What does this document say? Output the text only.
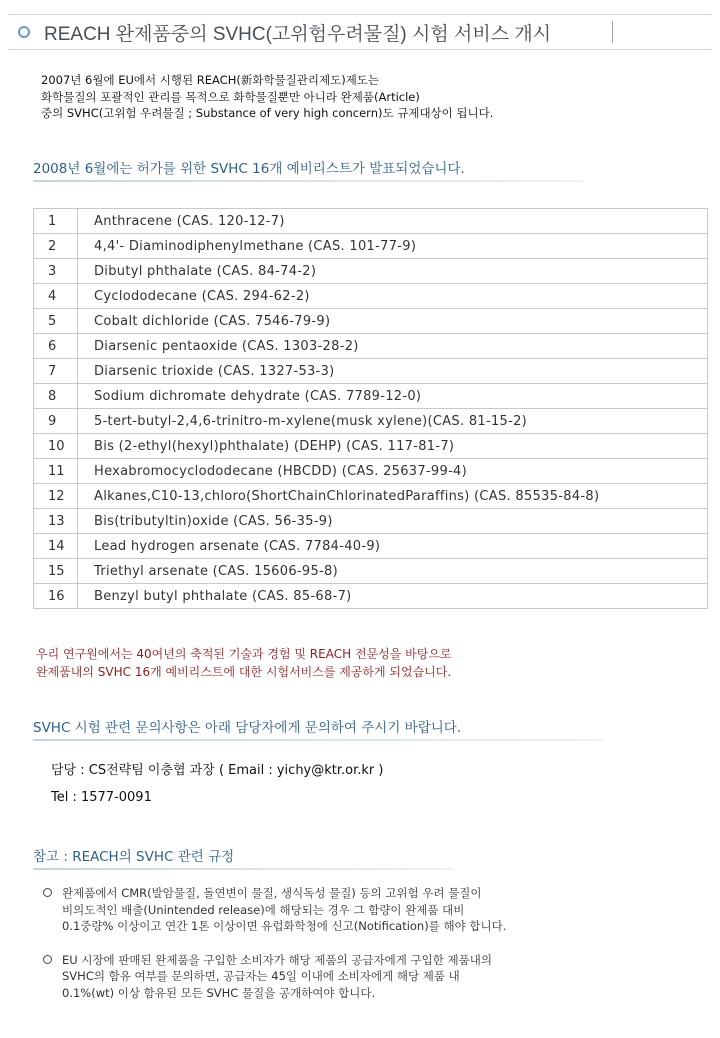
REACH 완제품중의 SVHC(고위험우려물질) 시험 서비스 개시

2007년 6월에 EU에서 시행된 REACH(新화학물질관리제도)제도는

화학물질의 포괄적인 관리를 목적으로 화학물질뿐만 아니라 완제품(Article)

중의 SVHC(고위험 우려물질 ; Substance of very high concern)도 규제대상이 됩니다.

2008년 6월에는 허가를 위한 SVHC 16개 예비리스트가 발표되었습니다.
1	Anthracene (CAS. 120-12-7)
2	4,4'- Diaminodiphenylmethane (CAS. 101-77-9)
3	Dibutyl phthalate (CAS. 84-74-2)
4	Cyclododecane (CAS. 294-62-2)
5	Cobalt dichloride (CAS. 7546-79-9)
6	Diarsenic pentaoxide (CAS. 1303-28-2)
7	Diarsenic trioxide (CAS. 1327-53-3)
8	Sodium dichromate dehydrate (CAS. 7789-12-0)
9	5-tert-butyl-2,4,6-trinitro-m-xylene(musk xylene)(CAS. 81-15-2)
10	Bis (2-ethyl(hexyl)phthalate) (DEHP) (CAS. 117-81-7)
11	Hexabromocyclododecane (HBCDD) (CAS. 25637-99-4)
12	Alkanes,C10-13,chloro(ShortChainChlorinatedParaffins) (CAS. 85535-84-8)
13	Bis(tributyltin)oxide (CAS. 56-35-9)
14	Lead hydrogen arsenate (CAS. 7784-40-9)
15	Triethyl arsenate (CAS. 15606-95-8)
16	Benzyl butyl phthalate (CAS. 85-68-7)

우리 연구원에서는 40여년의 축적된 기술과 경험 및 REACH 전문성을 바탕으로

완제품내의 SVHC 16개 예비리스트에 대한 시험서비스를 제공하게 되었습니다.

SVHC 시험 관련 문의사항은 아래 담당자에게 문의하여 주시기 바랍니다.
담당 : CS전략팀 이충협 과장 ( Email : yichy@ktr.or.kr )
Tel : 1577-0091
참고 : REACH의 SVHC 관련 규정

완제품에서 CMR(발암물질, 돌연변이 물질, 생식독성 물질) 등의 고위험 우려 물질이

비의도적인 배출(Unintended release)에 해당되는 경우 그 함량이 완제품 대비

0.1중량% 이상이고 연간 1톤 이상이면 유럽화학청에 신고(Notification)를 해야 합니다.

EU 시장에 판매된 완제품을 구입한 소비자가 해당 제품의 공급자에게 구입한 제품내의

SVHC의 함유 여부를 문의하면, 공급자는 45일 이내에 소비자에게 해당 제품 내

0.1%(wt) 이상 함유된 모든 SVHC 물질을 공개하여야 합니다.
